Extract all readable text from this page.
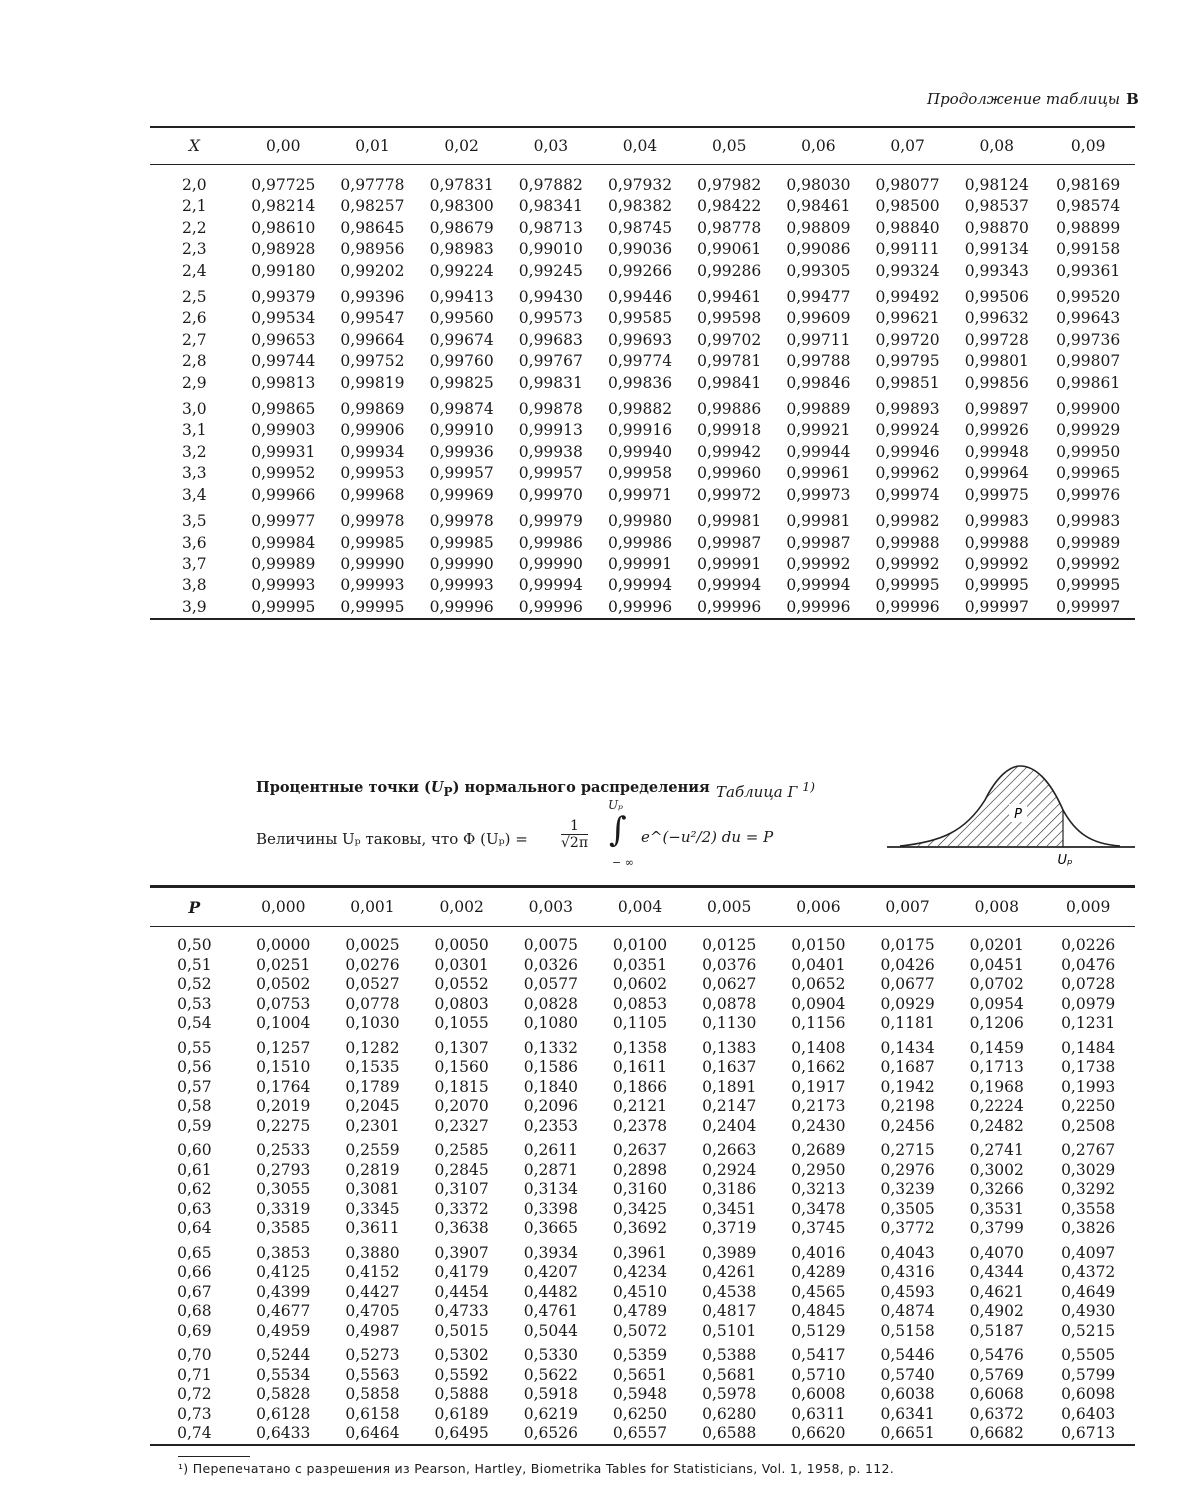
Продолжение таблицы В
X	0,00	0,01	0,02	0,03	0,04	0,05	0,06	0,07	0,08	0,09
2,0	0,97725	0,97778	0,97831	0,97882	0,97932	0,97982	0,98030	0,98077	0,98124	0,98169
2,1	0,98214	0,98257	0,98300	0,98341	0,98382	0,98422	0,98461	0,98500	0,98537	0,98574
2,2	0,98610	0,98645	0,98679	0,98713	0,98745	0,98778	0,98809	0,98840	0,98870	0,98899
2,3	0,98928	0,98956	0,98983	0,99010	0,99036	0,99061	0,99086	0,99111	0,99134	0,99158
2,4	0,99180	0,99202	0,99224	0,99245	0,99266	0,99286	0,99305	0,99324	0,99343	0,99361
2,5	0,99379	0,99396	0,99413	0,99430	0,99446	0,99461	0,99477	0,99492	0,99506	0,99520
2,6	0,99534	0,99547	0,99560	0,99573	0,99585	0,99598	0,99609	0,99621	0,99632	0,99643
2,7	0,99653	0,99664	0,99674	0,99683	0,99693	0,99702	0,99711	0,99720	0,99728	0,99736
2,8	0,99744	0,99752	0,99760	0,99767	0,99774	0,99781	0,99788	0,99795	0,99801	0,99807
2,9	0,99813	0,99819	0,99825	0,99831	0,99836	0,99841	0,99846	0,99851	0,99856	0,99861
3,0	0,99865	0,99869	0,99874	0,99878	0,99882	0,99886	0,99889	0,99893	0,99897	0,99900
3,1	0,99903	0,99906	0,99910	0,99913	0,99916	0,99918	0,99921	0,99924	0,99926	0,99929
3,2	0,99931	0,99934	0,99936	0,99938	0,99940	0,99942	0,99944	0,99946	0,99948	0,99950
3,3	0,99952	0,99953	0,99957	0,99957	0,99958	0,99960	0,99961	0,99962	0,99964	0,99965
3,4	0,99966	0,99968	0,99969	0,99970	0,99971	0,99972	0,99973	0,99974	0,99975	0,99976
3,5	0,99977	0,99978	0,99978	0,99979	0,99980	0,99981	0,99981	0,99982	0,99983	0,99983
3,6	0,99984	0,99985	0,99985	0,99986	0,99986	0,99987	0,99987	0,99988	0,99988	0,99989
3,7	0,99989	0,99990	0,99990	0,99990	0,99991	0,99991	0,99992	0,99992	0,99992	0,99992
3,8	0,99993	0,99993	0,99993	0,99994	0,99994	0,99994	0,99994	0,99995	0,99995	0,99995
3,9	0,99995	0,99995	0,99996	0,99996	0,99996	0,99996	0,99996	0,99996	0,99997	0,99997
Процентные точки $(U_P)$ нормального распределения Таблица Г $^{1)}$
Величины Uₚ таковы, что Φ $(U_p) = \frac{1}{√2\pi}$
Uₚ
∫
− ∞
e^(−u²/2) du = P
P
Uₚ
P	0,000	0,001	0,002	0,003	0,004	0,005	0,006	0,007	0,008	0,009
0,50	0,0000	0,0025	0,0050	0,0075	0,0100	0,0125	0,0150	0,0175	0,0201	0,0226
0,51	0,0251	0,0276	0,0301	0,0326	0,0351	0,0376	0,0401	0,0426	0,0451	0,0476
0,52	0,0502	0,0527	0,0552	0,0577	0,0602	0,0627	0,0652	0,0677	0,0702	0,0728
0,53	0,0753	0,0778	0,0803	0,0828	0,0853	0,0878	0,0904	0,0929	0,0954	0,0979
0,54	0,1004	0,1030	0,1055	0,1080	0,1105	0,1130	0,1156	0,1181	0,1206	0,1231
0,55	0,1257	0,1282	0,1307	0,1332	0,1358	0,1383	0,1408	0,1434	0,1459	0,1484
0,56	0,1510	0,1535	0,1560	0,1586	0,1611	0,1637	0,1662	0,1687	0,1713	0,1738
0,57	0,1764	0,1789	0,1815	0,1840	0,1866	0,1891	0,1917	0,1942	0,1968	0,1993
0,58	0,2019	0,2045	0,2070	0,2096	0,2121	0,2147	0,2173	0,2198	0,2224	0,2250
0,59	0,2275	0,2301	0,2327	0,2353	0,2378	0,2404	0,2430	0,2456	0,2482	0,2508
0,60	0,2533	0,2559	0,2585	0,2611	0,2637	0,2663	0,2689	0,2715	0,2741	0,2767
0,61	0,2793	0,2819	0,2845	0,2871	0,2898	0,2924	0,2950	0,2976	0,3002	0,3029
0,62	0,3055	0,3081	0,3107	0,3134	0,3160	0,3186	0,3213	0,3239	0,3266	0,3292
0,63	0,3319	0,3345	0,3372	0,3398	0,3425	0,3451	0,3478	0,3505	0,3531	0,3558
0,64	0,3585	0,3611	0,3638	0,3665	0,3692	0,3719	0,3745	0,3772	0,3799	0,3826
0,65	0,3853	0,3880	0,3907	0,3934	0,3961	0,3989	0,4016	0,4043	0,4070	0,4097
0,66	0,4125	0,4152	0,4179	0,4207	0,4234	0,4261	0,4289	0,4316	0,4344	0,4372
0,67	0,4399	0,4427	0,4454	0,4482	0,4510	0,4538	0,4565	0,4593	0,4621	0,4649
0,68	0,4677	0,4705	0,4733	0,4761	0,4789	0,4817	0,4845	0,4874	0,4902	0,4930
0,69	0,4959	0,4987	0,5015	0,5044	0,5072	0,5101	0,5129	0,5158	0,5187	0,5215
0,70	0,5244	0,5273	0,5302	0,5330	0,5359	0,5388	0,5417	0,5446	0,5476	0,5505
0,71	0,5534	0,5563	0,5592	0,5622	0,5651	0,5681	0,5710	0,5740	0,5769	0,5799
0,72	0,5828	0,5858	0,5888	0,5918	0,5948	0,5978	0,6008	0,6038	0,6068	0,6098
0,73	0,6128	0,6158	0,6189	0,6219	0,6250	0,6280	0,6311	0,6341	0,6372	0,6403
0,74	0,6433	0,6464	0,6495	0,6526	0,6557	0,6588	0,6620	0,6651	0,6682	0,6713
¹) Перепечатано с разрешения из Pearson, Hartley, Biometrika Tables for Statisticians, Vol. 1, 1958, p. 112.
